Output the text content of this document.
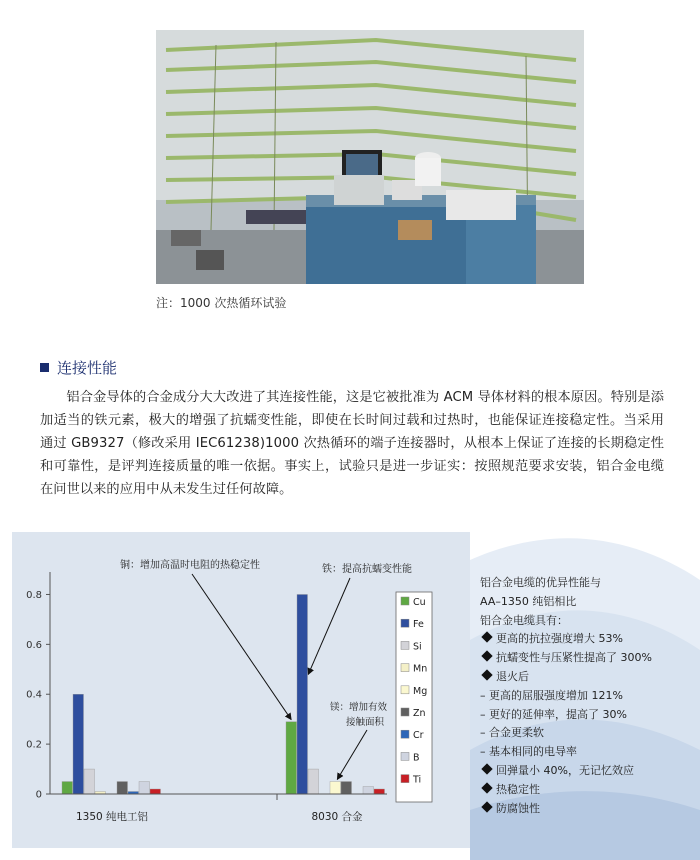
注：1000 次热循环试验
连接性能
铝合金导体的合金成分大大改进了其连接性能，这是它被批准为 ACM 导体材料的根本原因。特别是添加适当的铁元素，极大的增强了抗蠕变性能，即使在长时间过载和过热时，也能保证连接稳定性。当采用通过 GB9327（修改采用 IEC61238)1000 次热循环的端子连接器时，从根本上保证了连接的长期稳定性和可靠性，是评判连接质量的唯一依据。事实上，试验只是进一步证实：按照规范要求安装，铝合金电缆在问世以来的应用中从未发生过任何故障。
0
0.2
0.4
0.6
0.8
1350 纯电工铝	8030 合金
Cu
Fe
Si
Mn
Mg
Zn
Cr
B
Ti
铜：增加高温时电阻的热稳定性	铁：提高抗蠕变性能
镁：增加有效
接触面积
铝合金电缆的优异性能与
AA–1350 纯铝相比
铝合金电缆具有：
更高的抗拉强度增大 53%
抗蠕变性与压紧性提高了 300%
退火后
– 更高的屈服强度增加 121%
– 更好的延伸率，提高了 30%
– 合金更柔软
– 基本相同的电导率
回弹量小 40%，无记忆效应
热稳定性
防腐蚀性
